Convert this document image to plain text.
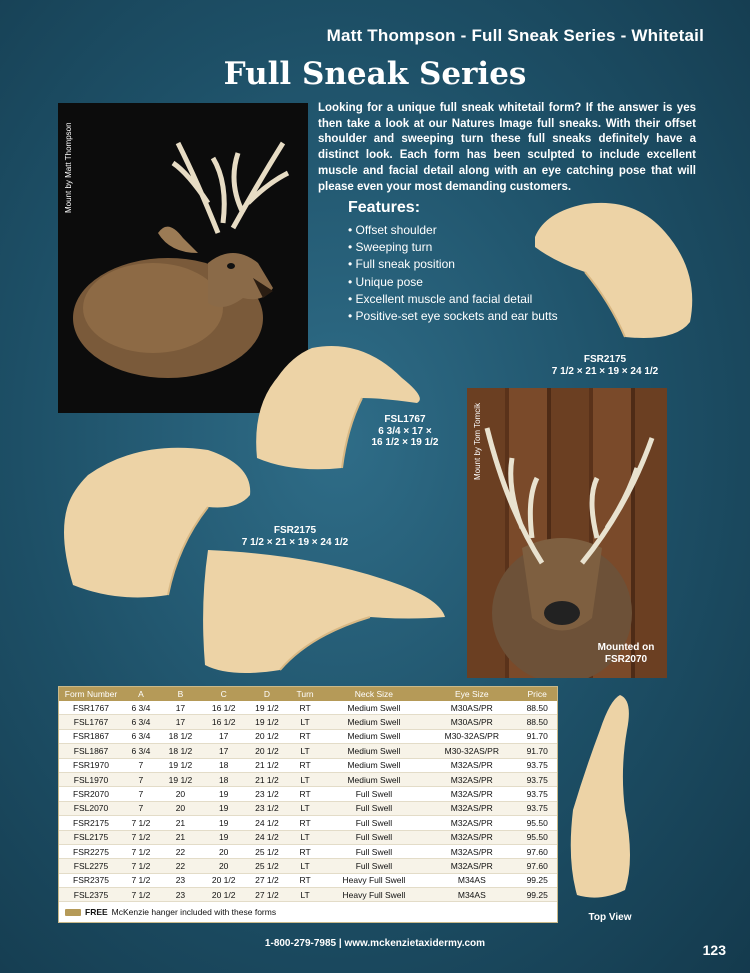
Matt Thompson - Full Sneak Series - Whitetail
Full Sneak Series
Mount by Matt Thompson
Looking for a unique full sneak whitetail form? If the answer is yes then take a look at our Natures Image full sneaks. With their offset shoulder and sweeping turn these full sneaks definitely have a distinct look. Each form has been sculpted to include excellent muscle and facial detail along with an eye catching pose that will please even your most demanding customers.
Features:
• Offset shoulder
• Sweeping turn
• Full sneak position
• Unique pose
• Excellent muscle and facial detail
• Positive-set eye sockets and ear butts
FSR2175
7 1/2 × 21 × 19 × 24 1/2
FSL1767
6 3/4 × 17 ×
16 1/2 × 19 1/2
FSR2175
7 1/2 × 21 × 19 × 24 1/2
Mount by Tom Tomcik
Mounted on
FSR2070
Form Number	A	B	C	D	Turn	Neck Size	Eye Size	Price
FSR1767	6 3/4	17	16 1/2	19 1/2	RT	Medium Swell	M30AS/PR	88.50
FSL1767	6 3/4	17	16 1/2	19 1/2	LT	Medium Swell	M30AS/PR	88.50
FSR1867	6 3/4	18 1/2	17	20 1/2	RT	Medium Swell	M30-32AS/PR	91.70
FSL1867	6 3/4	18 1/2	17	20 1/2	LT	Medium Swell	M30-32AS/PR	91.70
FSR1970	7	19 1/2	18	21 1/2	RT	Medium Swell	M32AS/PR	93.75
FSL1970	7	19 1/2	18	21 1/2	LT	Medium Swell	M32AS/PR	93.75
FSR2070	7	20	19	23 1/2	RT	Full Swell	M32AS/PR	93.75
FSL2070	7	20	19	23 1/2	LT	Full Swell	M32AS/PR	93.75
FSR2175	7 1/2	21	19	24 1/2	RT	Full Swell	M32AS/PR	95.50
FSL2175	7 1/2	21	19	24 1/2	LT	Full Swell	M32AS/PR	95.50
FSR2275	7 1/2	22	20	25 1/2	RT	Full Swell	M32AS/PR	97.60
FSL2275	7 1/2	22	20	25 1/2	LT	Full Swell	M32AS/PR	97.60
FSR2375	7 1/2	23	20 1/2	27 1/2	RT	Heavy Full Swell	M34AS	99.25
FSL2375	7 1/2	23	20 1/2	27 1/2	LT	Heavy Full Swell	M34AS	99.25
FREE McKenzie hanger included with these forms	Top View
1-800-279-7985 | www.mckenzietaxidermy.com	123
